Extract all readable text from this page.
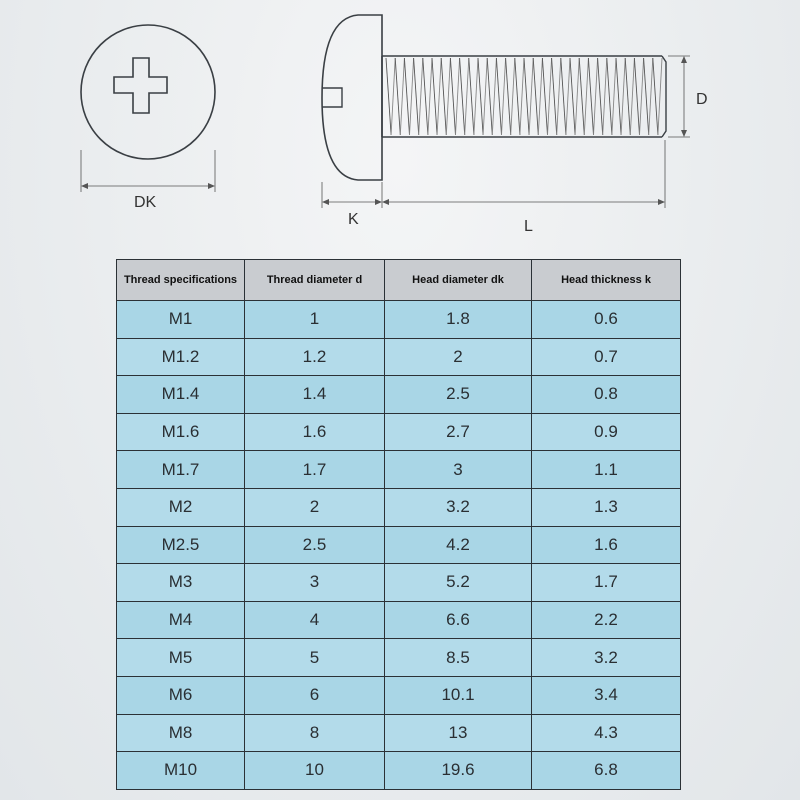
DK
D
K	L
Thread specifications	Thread diameter d	Head diameter dk	Head thickness k
M1	1	1.8	0.6
M1.2	1.2	2	0.7
M1.4	1.4	2.5	0.8
M1.6	1.6	2.7	0.9
M1.7	1.7	3	1.1
M2	2	3.2	1.3
M2.5	2.5	4.2	1.6
M3	3	5.2	1.7
M4	4	6.6	2.2
M5	5	8.5	3.2
M6	6	10.1	3.4
M8	8	13	4.3
M10	10	19.6	6.8
